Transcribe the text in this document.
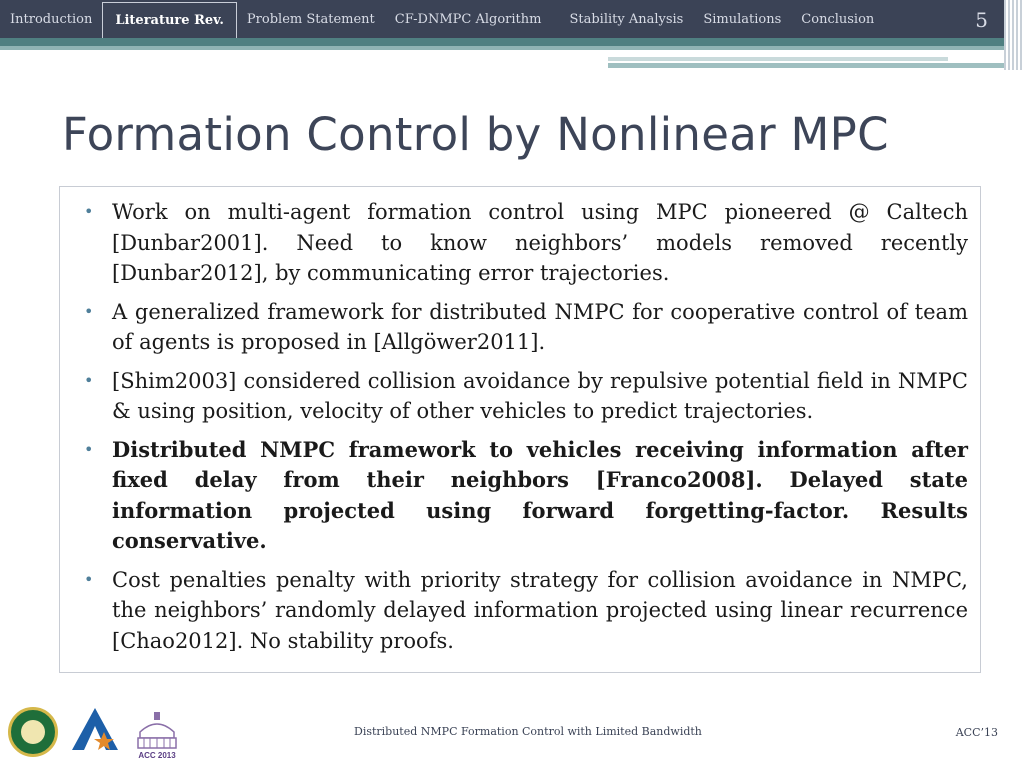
Introduction	Literature Rev.	Problem Statement	CF-DNMPC Algorithm	Stability Analysis	Simulations	Conclusion	5
Formation Control by Nonlinear MPC
• Work on multi-agent formation control using MPC pioneered @ Caltech [Dunbar2001]. Need to know neighbors’ models removed recently [Dunbar2012], by communicating error trajectories.
• A generalized framework for distributed NMPC for cooperative control of team of agents is proposed in [Allgöwer2011].
• [Shim2003] considered collision avoidance by repulsive potential field in NMPC & using position, velocity of other vehicles to predict trajectories.
• Distributed NMPC framework to vehicles receiving information after fixed delay from their neighbors [Franco2008]. Delayed state information projected using forward forgetting-factor. Results conservative.
• Cost penalties penalty with priority strategy for collision avoidance in NMPC, the neighbors’ randomly delayed information projected using linear recurrence [Chao2012]. No stability proofs.
ACC 2013
Distributed NMPC Formation Control with Limited Bandwidth	ACC’13
